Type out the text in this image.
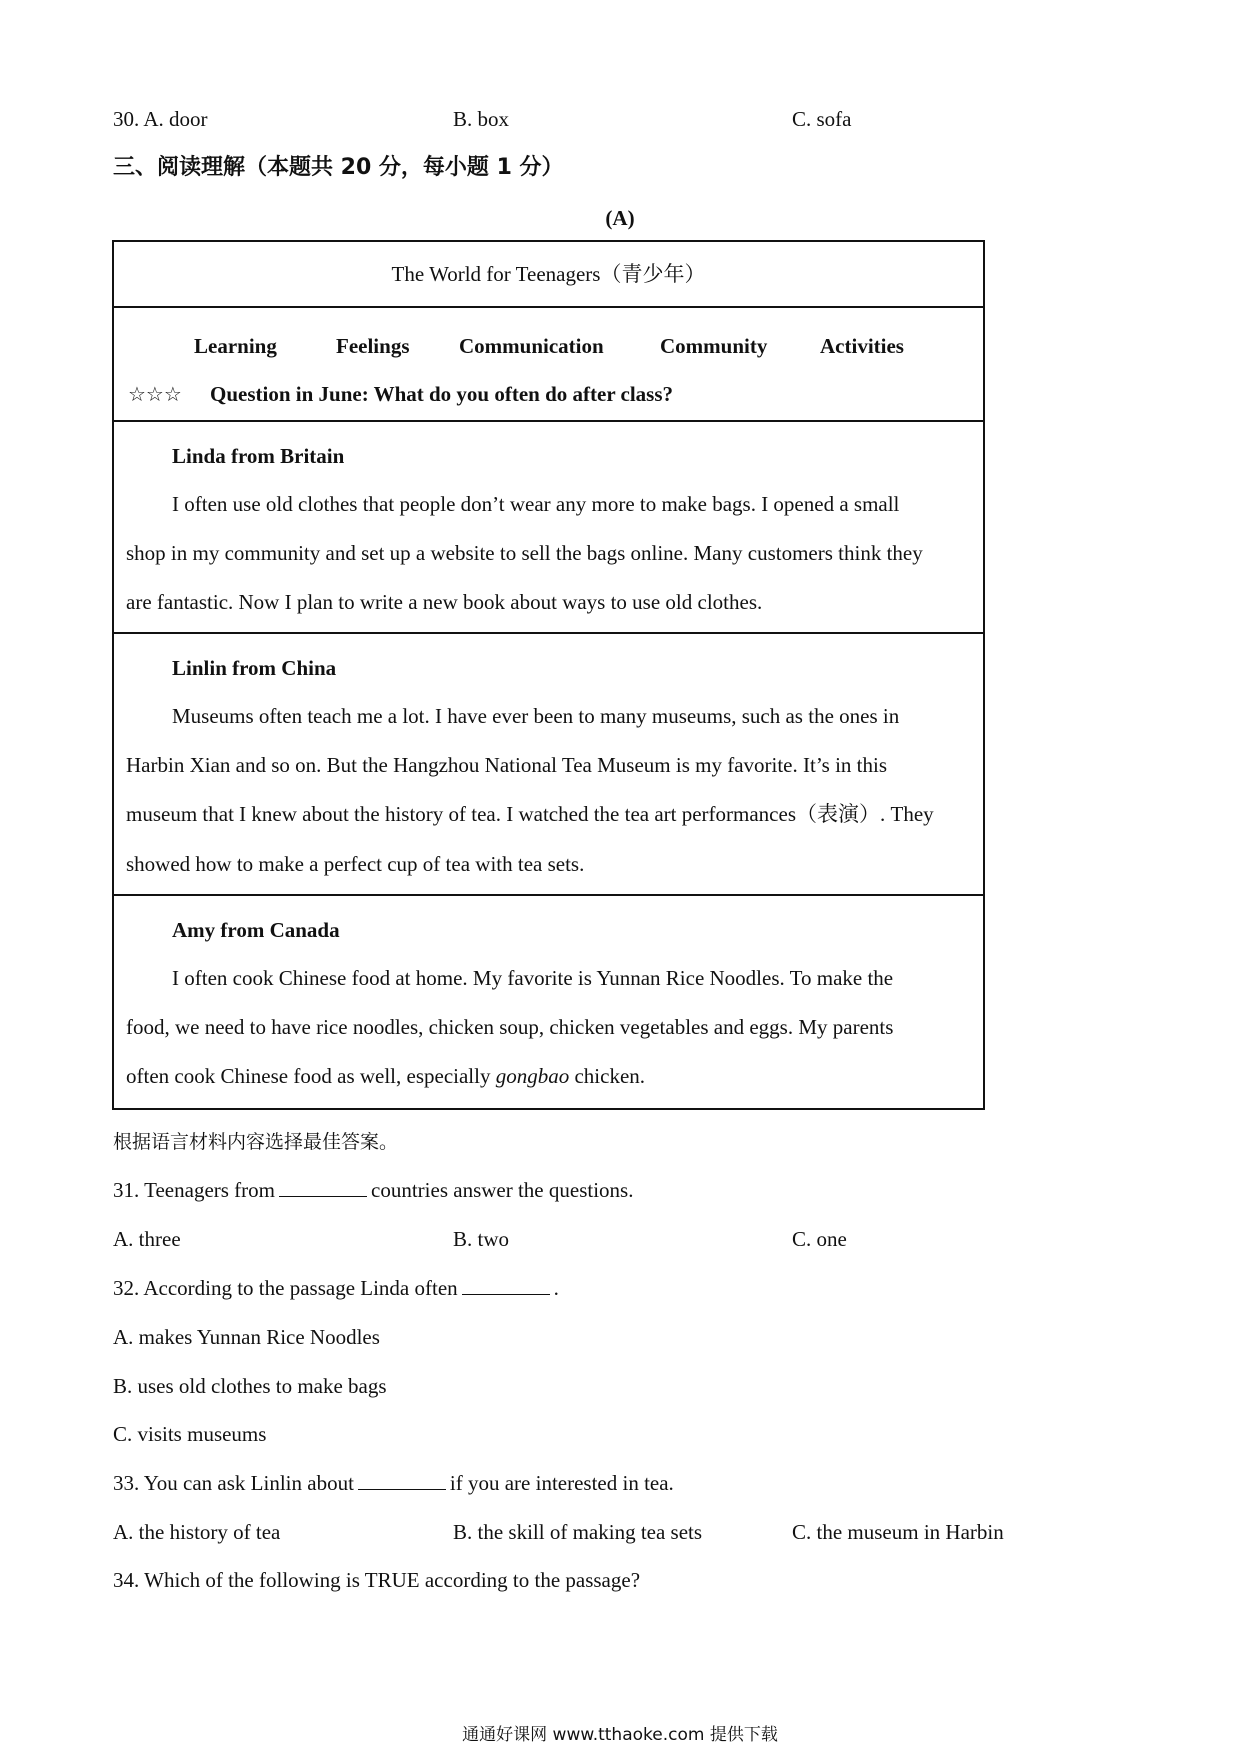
30. A. door	B. box	C. sofa
三、阅读理解（本题共 20 分，每小题 1 分）
(A)
The World for Teenagers（青少年）
Learning	Feelings Communication	Community	Activities
☆☆☆ Question in June: What do you often do after class?
Linda from Britain
I often use old clothes that people don’t wear any more to make bags. I opened a small
shop in my community and set up a website to sell the bags online. Many customers think they
are fantastic. Now I plan to write a new book about ways to use old clothes.
Linlin from China
Museums often teach me a lot. I have ever been to many museums, such as the ones in
Harbin Xian and so on. But the Hangzhou National Tea Museum is my favorite. It’s in this
museum that I knew about the history of tea. I watched the tea art performances（表演）. They
showed how to make a perfect cup of tea with tea sets.
Amy from Canada
I often cook Chinese food at home. My favorite is Yunnan Rice Noodles. To make the
food, we need to have rice noodles, chicken soup, chicken vegetables and eggs. My parents
often cook Chinese food as well, especially gongbao chicken.
根据语言材料内容选择最佳答案。
31. Teenagers from	countries answer the questions.
A. three	B. two	C. one
32. According to the passage Linda often	.
A. makes Yunnan Rice Noodles
B. uses old clothes to make bags
C. visits museums
33. You can ask Linlin about	if you are interested in tea.
A. the history of tea	B. the skill of making tea sets	C. the museum in Harbin
34. Which of the following is TRUE according to the passage?
通通好课网 www.tthaoke.com 提供下载
